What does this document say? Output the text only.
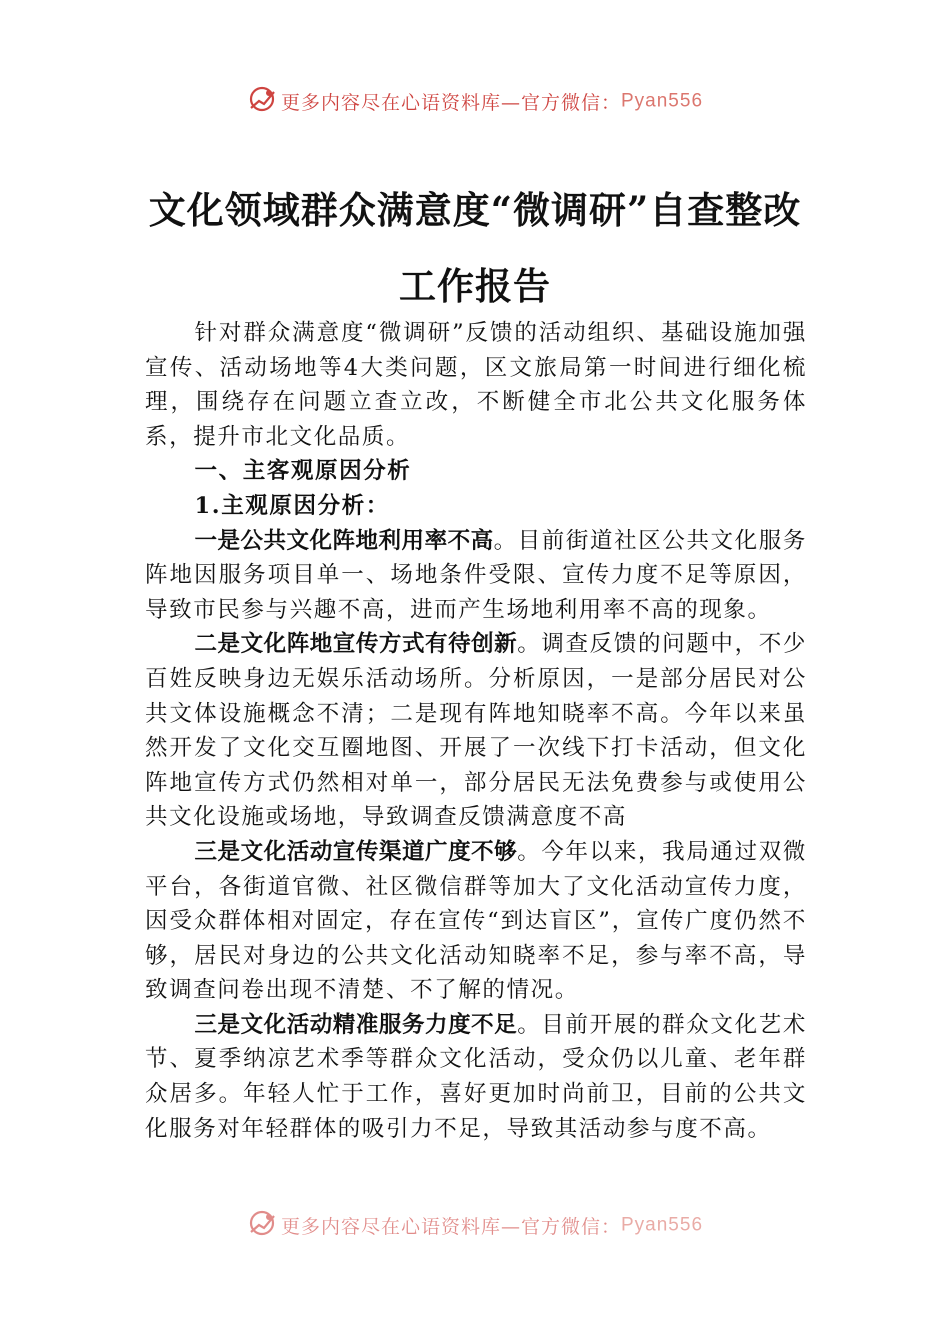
更多内容尽在心语资料库—官方微信：Pyan556
文化领域群众满意度“微调研”自查整改工作报告

针对群众满意度“微调研”反馈的活动组织、基础设施加强宣传、活动场地等4大类问题，区文旅局第一时间进行细化梳理，围绕存在问题立查立改，不断健全市北公共文化服务体系，提升市北文化品质。

一、主客观原因分析

1.主观原因分析：

一是公共文化阵地利用率不高。目前街道社区公共文化服务阵地因服务项目单一、场地条件受限、宣传力度不足等原因，导致市民参与兴趣不高，进而产生场地利用率不高的现象。

二是文化阵地宣传方式有待创新。调查反馈的问题中，不少百姓反映身边无娱乐活动场所。分析原因，一是部分居民对公共文体设施概念不清；二是现有阵地知晓率不高。今年以来虽然开发了文化交互圈地图、开展了一次线下打卡活动，但文化阵地宣传方式仍然相对单一，部分居民无法免费参与或使用公共文化设施或场地，导致调查反馈满意度不高

三是文化活动宣传渠道广度不够。今年以来，我局通过双微平台，各街道官微、社区微信群等加大了文化活动宣传力度，因受众群体相对固定，存在宣传“到达盲区”，宣传广度仍然不够，居民对身边的公共文化活动知晓率不足，参与率不高，导致调查问卷出现不清楚、不了解的情况。

三是文化活动精准服务力度不足。目前开展的群众文化艺术节、夏季纳凉艺术季等群众文化活动，受众仍以儿童、老年群众居多。年轻人忙于工作，喜好更加时尚前卫，目前的公共文化服务对年轻群体的吸引力不足，导致其活动参与度不高。

更多内容尽在心语资料库—官方微信：Pyan556
